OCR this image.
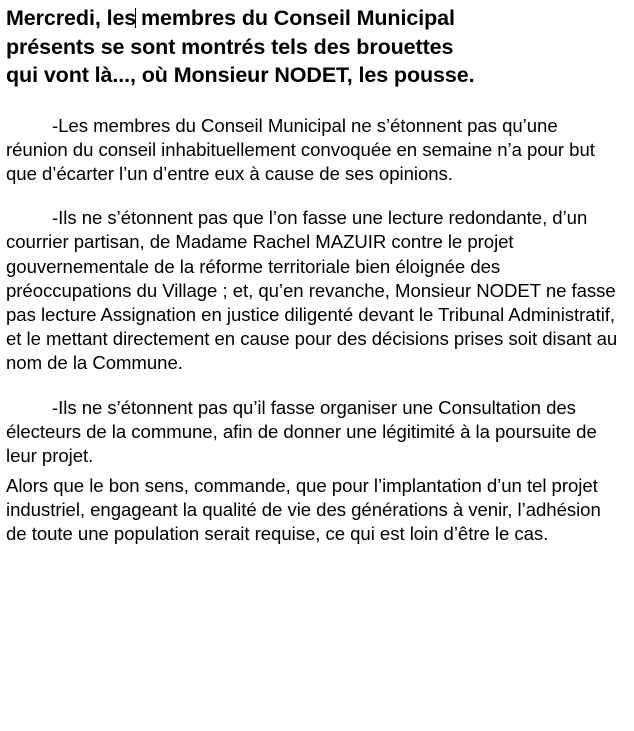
Mercredi, les membres du Conseil Municipal
présents se sont montrés tels des brouettes
qui vont là..., où Monsieur NODET, les pousse.

-Les membres du Conseil Municipal ne s’étonnent pas qu’une réunion du conseil inhabituellement convoquée en semaine n’a pour but que d’écarter l’un d’entre eux à cause de ses opinions.

-Ils ne s’étonnent pas que l’on fasse une lecture redondante, d’un courrier partisan, de Madame Rachel MAZUIR contre le projet gouvernementale de la réforme territoriale bien éloignée des préoccupations du Village ; et, qu’en revanche, Monsieur NODET ne fasse pas lecture Assignation en justice diligenté devant le Tribunal Administratif, et le mettant directement en cause pour des décisions prises soit disant au nom de la Commune.

-Ils ne s’étonnent pas qu’il fasse organiser une Consultation des électeurs de la commune, afin de donner une légitimité à la poursuite de leur projet.

Alors que le bon sens, commande, que pour l’implantation d’un tel projet industriel, engageant la qualité de vie des générations à venir, l’adhésion de toute une population serait requise, ce qui est loin d’être le cas.
